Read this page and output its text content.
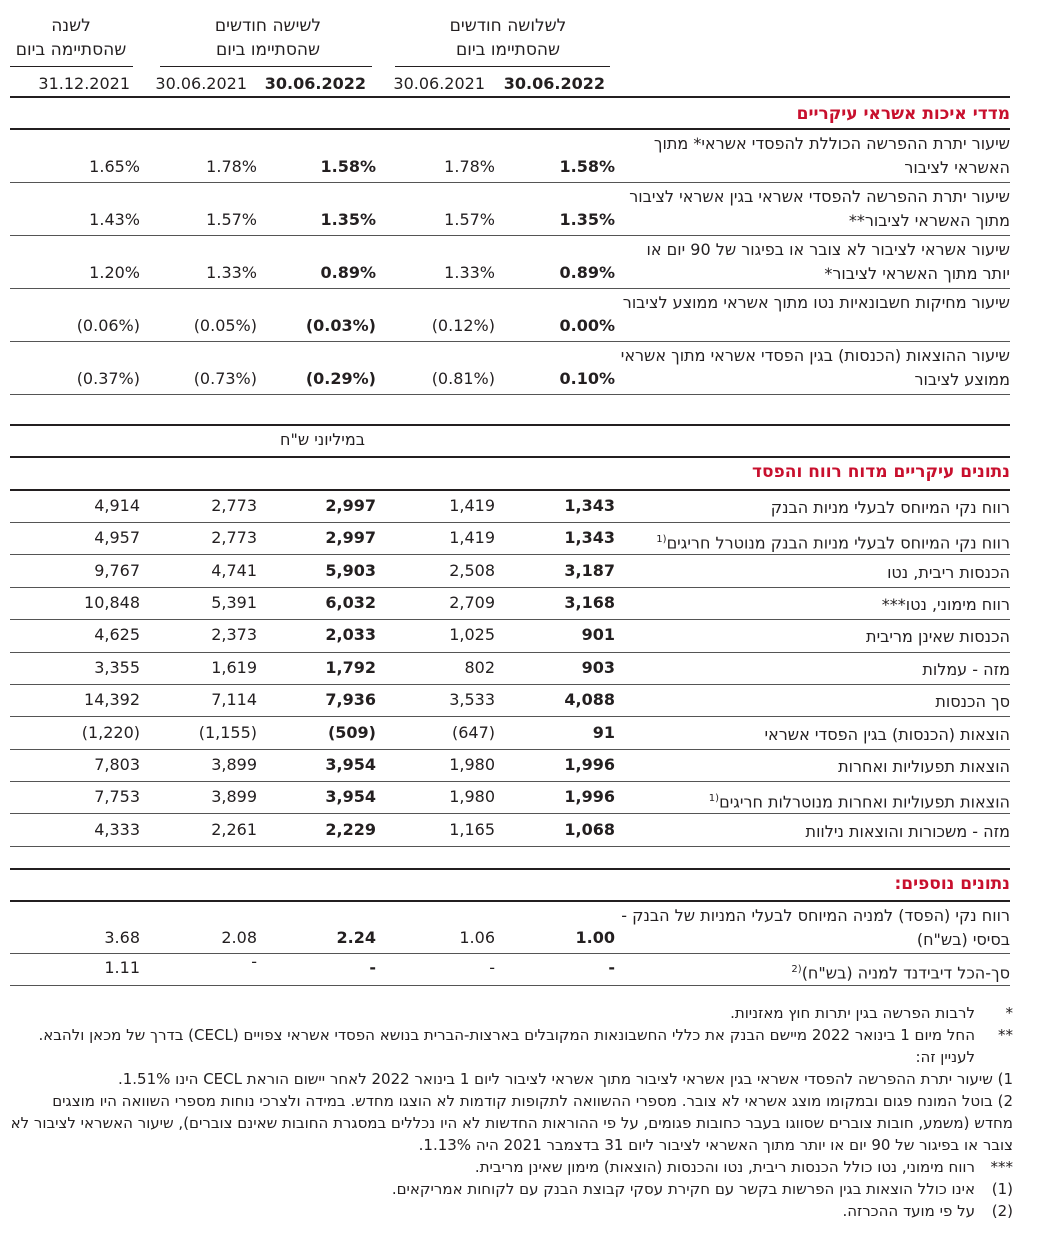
לשנה
שהסתיימה ביום
לשישה חודשים
שהסתיימו ביום
לשלושה חודשים
שהסתיימו ביום
30.06.2022
30.06.2021
30.06.2022
30.06.2021
31.12.2021
מדדי איכות אשראי עיקריים
שיעור יתרת ההפרשה הכוללת להפסדי אשראי* מתוך האשראי לציבור
1.58%
1.78%
1.58%
1.78%
1.65%
שיעור יתרת ההפרשה להפסדי אשראי בגין אשראי לציבור מתוך האשראי לציבור**
1.35%
1.57%
1.35%
1.57%
1.43%
שיעור אשראי לציבור לא צובר או בפיגור של 90 יום או יותר מתוך האשראי לציבור*
0.89%
1.33%
0.89%
1.33%
1.20%
שיעור מחיקות חשבונאיות נטו מתוך אשראי ממוצע לציבור
0.00%
(0.12%)
(0.03%)
(0.05%)
(0.06%)
שיעור ההוצאות (הכנסות) בגין הפסדי אשראי מתוך אשראי ממוצע לציבור
0.10%
(0.81%)
(0.29%)
(0.73%)
(0.37%)
במיליוני ש"ח
נתונים עיקריים מדוח רווח והפסד
רווח נקי המיוחס לבעלי מניות הבנק
1,343
1,419
2,997
2,773
4,914
רווח נקי המיוחס לבעלי מניות הבנק מנוטרל חריגים$^{(1}$
1,343
1,419
2,997
2,773
4,957
הכנסות ריבית, נטו
3,187
2,508
5,903
4,741
9,767
רווח מימוני, נטו***
3,168
2,709
6,032
5,391
10,848
הכנסות שאינן מריבית
901
1,025
2,033
2,373
4,625
מזה - עמלות
903
802
1,792
1,619
3,355
סך הכנסות
4,088
3,533
7,936
7,114
14,392
הוצאות (הכנסות) בגין הפסדי אשראי
91
(647)
(509)
(1,155)
(1,220)
הוצאות תפעוליות ואחרות
1,996
1,980
3,954
3,899
7,803
הוצאות תפעוליות ואחרות מנוטרלות חריגים$^{(1}$
1,996
1,980
3,954
3,899
7,753
מזה - משכורות והוצאות נילוות
1,068
1,165
2,229
2,261
4,333
נתונים נוספים:
רווח נקי (הפסד) למניה המיוחס לבעלי המניות של הבנק - בסיסי (בש"ח)
1.00
1.06
2.24
2.08
3.68
סך-הכל דיבידנד למניה (בש"ח)$^{(2}$
-
-
-
-
1.11
*
לרבות הפרשה בגין יתרות חוץ מאזניות.
**
החל מיום 1 בינואר 2022 מיישם הבנק את כללי החשבונאות המקובלים בארצות-הברית בנושא הפסדי אשראי צפויים (CECL) בדרך של מכאן ולהבא. לעניין זה:
1) שיעור יתרת ההפרשה להפסדי אשראי בגין אשראי לציבור מתוך אשראי לציבור ליום 1 בינואר 2022 לאחר יישום הוראת CECL הינו 1.51%.
2) בוטל המונח פגום ובמקומו מוצג אשראי לא צובר. מספרי ההשוואה לתקופות קודמות לא הוצגו מחדש. במידה ולצרכי נוחות מספרי השוואה היו מוצגים מחדש (משמע, חובות צוברים שסווגו בעבר כחובות פגומים, על פי ההוראות החדשות לא היו נכללים במסגרת החובות שאינם צוברים), שיעור האשראי לציבור לא צובר או בפיגור של 90 יום או יותר מתוך האשראי לציבור ליום 31 בדצמבר 2021 היה 1.13%.
***
רווח מימוני, נטו כולל הכנסות ריבית, נטו והכנסות (הוצאות) מימון שאינן מריבית.
(1)
אינו כולל הוצאות בגין הפרשות בקשר עם חקירת עסקי קבוצת הבנק עם לקוחות אמריקאים.
(2)
על פי מועד ההכרזה.
